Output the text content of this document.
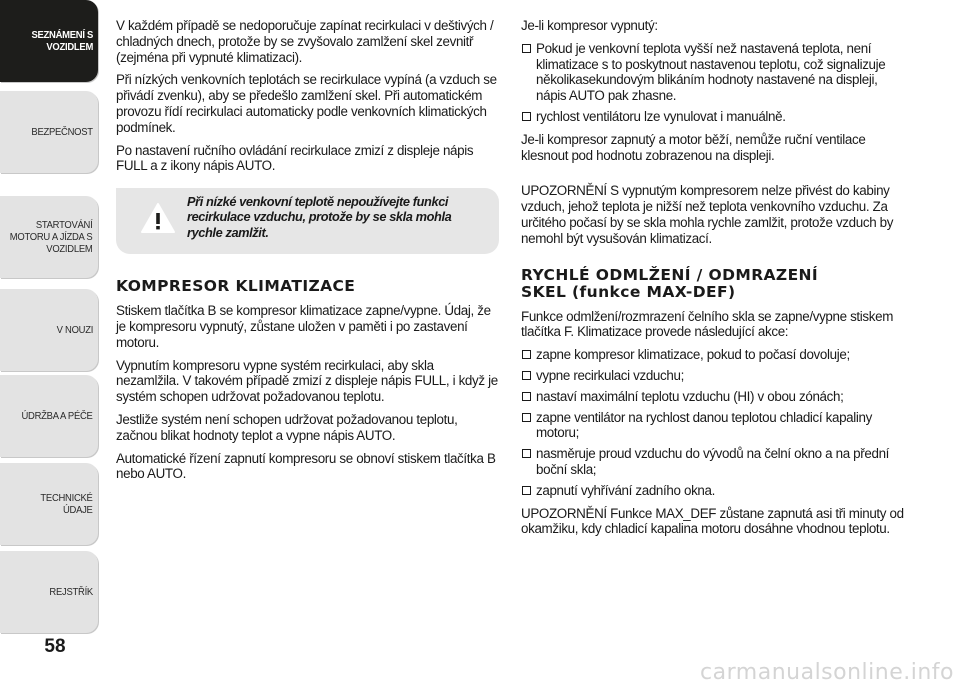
SEZNÁMENÍ S
VOZIDLEM
BEZPEČNOST
STARTOVÁNÍ
MOTORU A JÍZDA S
VOZIDLEM
V NOUZI
ÚDRŽBA A PÉČE
TECHNICKÉ ÚDAJE
REJSTŘÍK
58

V každém případě se nedoporučuje zapínat recirkulaci v deštivých / chladných dnech, protože by se zvyšovalo zamlžení skel zevnitř (zejména při vypnuté klimatizaci).

Při nízkých venkovních teplotách se recirkulace vypíná (a vzduch se přivádí zvenku), aby se předešlo zamlžení skel. Při automatickém provozu řídí recirkulaci automaticky podle venkovních klimatických podmínek.

Po nastavení ručního ovládání recirkulace zmizí z displeje nápis FULL a z ikony nápis AUTO.

Při nízké venkovní teplotě nepoužívejte funkci recirkulace vzduchu, protože by se skla mohla rychle zamlžit.

KOMPRESOR KLIMATIZACE

Stiskem tlačítka B se kompresor klimatizace zapne/vypne. Údaj, že je kompresoru vypnutý, zůstane uložen v paměti i po zastavení motoru.

Vypnutím kompresoru vypne systém recirkulaci, aby skla nezamlžila. V takovém případě zmizí z displeje nápis FULL, i když je systém schopen udržovat požadovanou teplotu.

Jestliže systém není schopen udržovat požadovanou teplotu, začnou blikat hodnoty teplot a vypne nápis AUTO.

Automatické řízení zapnutí kompresoru se obnoví stiskem tlačítka B nebo AUTO.

Je-li kompresor vypnutý:

Pokud je venkovní teplota vyšší než nastavená teplota, není klimatizace s to poskytnout nastavenou teplotu, což signalizuje několikasekundovým blikáním hodnoty nastavené na displeji, nápis AUTO pak zhasne.
rychlost ventilátoru lze vynulovat i manuálně.

Je-li kompresor zapnutý a motor běží, nemůže ruční ventilace klesnout pod hodnotu zobrazenou na displeji.

UPOZORNĚNÍ S vypnutým kompresorem nelze přivést do kabiny vzduch, jehož teplota je nižší než teplota venkovního vzduchu. Za určitého počasí by se skla mohla rychle zamlžit, protože vzduch by nemohl být vysušován klimatizací.

RYCHLÉ ODMLŽENÍ / ODMRAZENÍ
SKEL (funkce MAX-DEF)

Funkce odmlžení/rozmrazení čelního skla se zapne/vypne stiskem tlačítka F. Klimatizace provede následující akce:

zapne kompresor klimatizace, pokud to počasí dovoluje;
vypne recirkulaci vzduchu;
nastaví maximální teplotu vzduchu (HI) v obou zónách;
zapne ventilátor na rychlost danou teplotou chladicí kapaliny motoru;
nasměruje proud vzduchu do vývodů na čelní okno a na přední boční skla;
zapnutí vyhřívání zadního okna.

UPOZORNĚNÍ Funkce MAX_DEF zůstane zapnutá asi tři minuty od okamžiku, kdy chladicí kapalina motoru dosáhne vhodnou teplotu.

carmanualsonline.info
